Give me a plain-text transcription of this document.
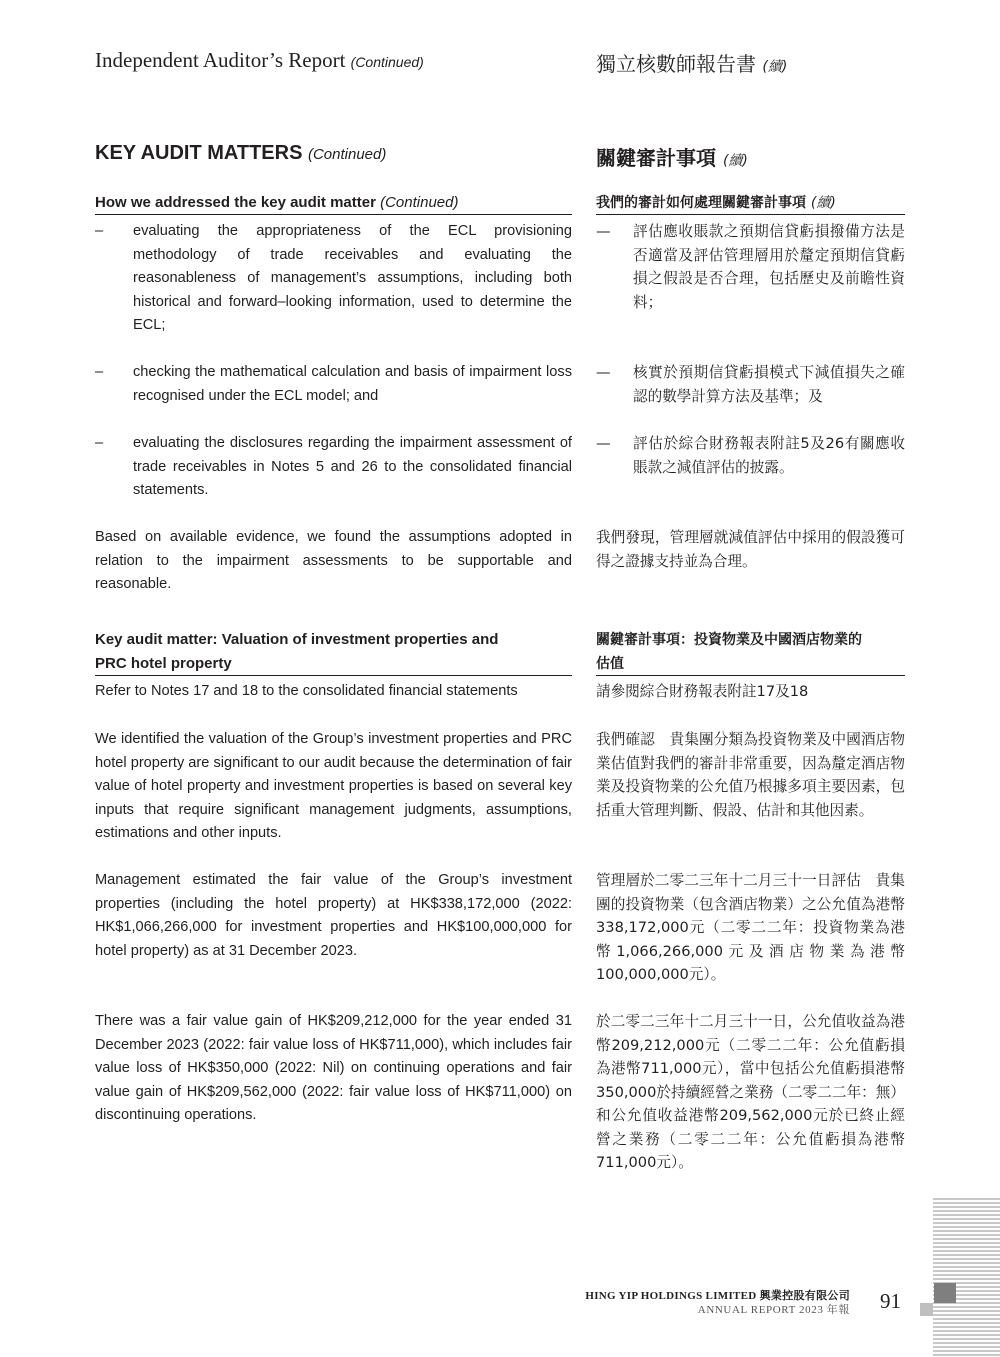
Independent Auditor’s Report (Continued)	獨立核數師報告書 (續)
KEY AUDIT MATTERS (Continued)	關鍵審計事項 (續)
How we addressed the key audit matter (Continued)	我們的審計如何處理關鍵審計事項 (續)
– evaluating the appropriateness of the ECL provisioning methodology of trade receivables and evaluating the reasonableness of management’s assumptions, including both historical and forward–looking information, used to determine the ECL;
– checking the mathematical calculation and basis of impairment loss recognised under the ECL model; and
– evaluating the disclosures regarding the impairment assessment of trade receivables in Notes 5 and 26 to the consolidated financial statements.
— 評估應收賬款之預期信貸虧損撥備方法是否適當及評估管理層用於釐定預期信貸虧損之假設是否合理，包括歷史及前瞻性資料；
— 核實於預期信貸虧損模式下減值損失之確認的數學計算方法及基準；及
— 評估於綜合財務報表附註5及26有關應收賬款之減值評估的披露。
Based on available evidence, we found the assumptions adopted in relation to the impairment assessments to be supportable and reasonable.
我們發現，管理層就減值評估中採用的假設獲可得之證據支持並為合理。
Key audit matter: Valuation of investment properties and
PRC hotel property
關鍵審計事項：投資物業及中國酒店物業的
估值
Refer to Notes 17 and 18 to the consolidated financial statements	請參閱綜合財務報表附註17及18
We identified the valuation of the Group’s investment properties and PRC hotel property are significant to our audit because the determination of fair value of hotel property and investment properties is based on several key inputs that require significant management judgments, assumptions, estimations and other inputs.
我們確認　貴集團分類為投資物業及中國酒店物業估值對我們的審計非常重要，因為釐定酒店物業及投資物業的公允值乃根據多項主要因素，包括重大管理判斷、假設、估計和其他因素。
Management estimated the fair value of the Group’s investment properties (including the hotel property) at HK$338,172,000 (2022: HK$1,066,266,000 for investment properties and HK$100,000,000 for hotel property) as at 31 December 2023.
管理層於二零二三年十二月三十一日評估　貴集團的投資物業（包含酒店物業）之公允值為港幣338,172,000元（二零二二年：投資物業為港幣1,066,266,000元及酒店物業為港幣100,000,000元）。
There was a fair value gain of HK$209,212,000 for the year ended 31 December 2023 (2022: fair value loss of HK$711,000), which includes fair value loss of HK$350,000 (2022: Nil) on continuing operations and fair value gain of HK$209,562,000 (2022: fair value loss of HK$711,000) on discontinuing operations.
於二零二三年十二月三十一日，公允值收益為港幣209,212,000元（二零二二年：公允值虧損為港幣711,000元），當中包括公允值虧損港幣350,000於持續經營之業務（二零二二年：無）和公允值收益港幣209,562,000元於已終止經營之業務（二零二二年：公允值虧損為港幣711,000元）。
HING YIP HOLDINGS LIMITED 興業控股有限公司
ANNUAL REPORT 2023 年報 91
